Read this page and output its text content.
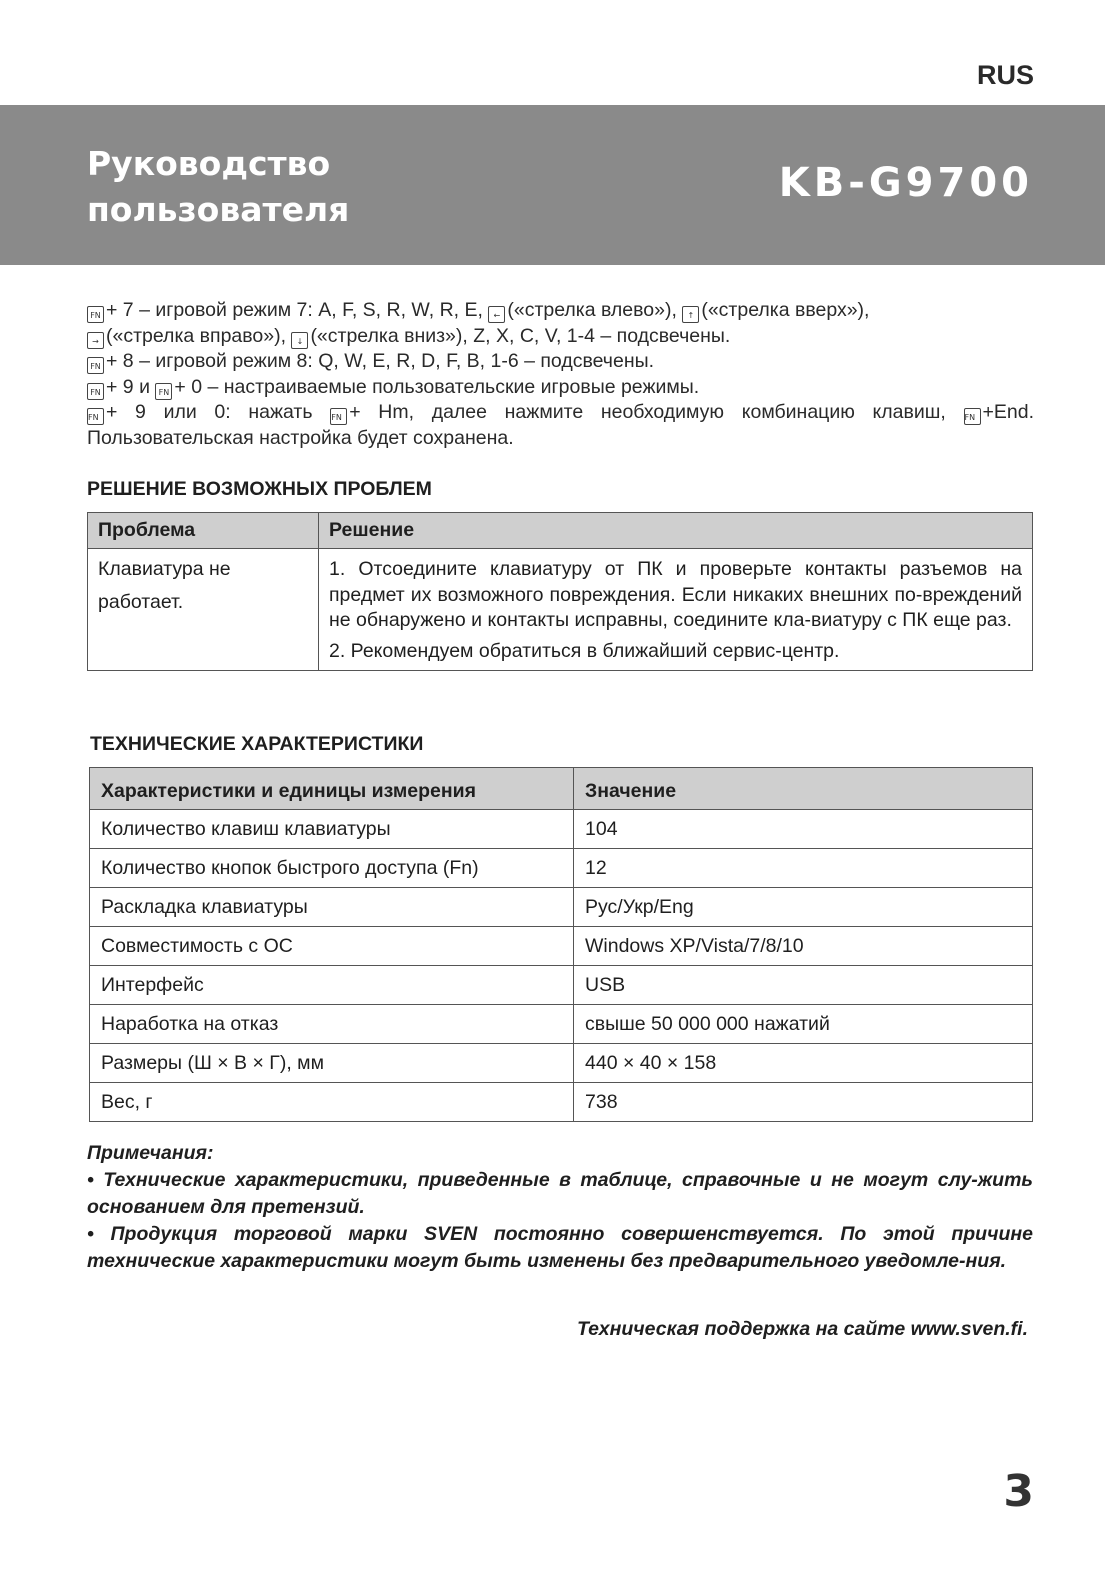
RUS
Руководство
пользователя
KB-G9700
FN + 7 – игровой режим 7: A, F, S, R, W, R, E, ← («стрелка влево»), ↑ («стрелка вверх»),
→ («стрелка вправо»), ↓ («стрелка вниз»), Z, X, C, V, 1-4 – подсвечены.
FN + 8 – игровой режим 8: Q, W, E, R, D, F, B, 1-6 – подсвечены.
FN + 9 и FN + 0 – настраиваемые пользовательские игровые режимы.
FN + 9 или 0: нажать FN + Hm, далее нажмите необходимую комбинацию клавиш, FN +End.
Пользовательская настройка будет сохранена.
РЕШЕНИЕ ВОЗМОЖНЫХ ПРОБЛЕМ
Проблема	Решение
Клавиатура не работает.	1. Отсоедините клавиатуру от ПК и проверьте контакты разъемов на предмет их возможного повреждения. Если никаких внешних по-вреждений не обнаружено и контакты исправны, соедините кла-виатуру с ПК еще раз.

2. Рекомендуем обратиться в ближайший сервис-центр.

ТЕХНИЧЕСКИЕ ХАРАКТЕРИСТИКИ
Характеристики и единицы измерения	Значение
Количество клавиш клавиатуры	104
Количество кнопок быстрого доступа (Fn)	12
Раскладка клавиатуры	Рус/Укр/Eng
Совместимость с ОС	Windows XP/Vista/7/8/10
Интерфейс	USB
Наработка на отказ	свыше 50 000 000 нажатий
Размеры (Ш × В × Г), мм	440 × 40 × 158
Вес, г	738

Примечания:

• Технические характеристики, приведенные в таблице, справочные и не могут слу-жить основанием для претензий.

• Продукция торговой марки SVEN постоянно совершенствуется. По этой причине технические характеристики могут быть изменены без предварительного уведомле-ния.

Техническая поддержка на сайте www.sven.fi.
3
